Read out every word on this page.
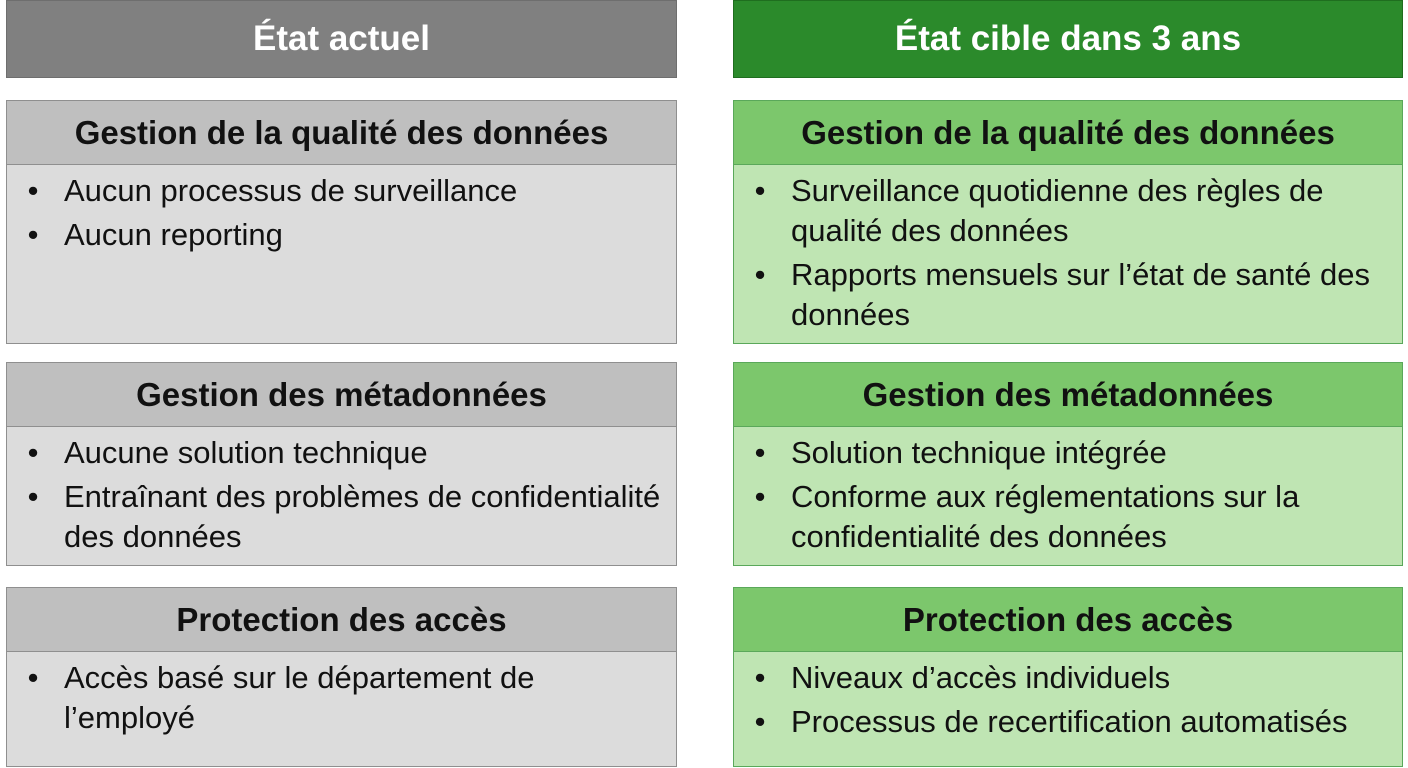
État actuel
Gestion de la qualité des données
• Aucun processus de surveillance
• Aucun reporting
Gestion des métadonnées
• Aucune solution technique
• Entraînant des problèmes de confidentialité des données
Protection des accès
• Accès basé sur le département de l’employé
État cible dans 3 ans
Gestion de la qualité des données
• Surveillance quotidienne des règles de qualité des données
• Rapports mensuels sur l’état de santé des données
Gestion des métadonnées
• Solution technique intégrée
• Conforme aux réglementations sur la confidentialité des données
Protection des accès
• Niveaux d’accès individuels
• Processus de recertification automatisés
